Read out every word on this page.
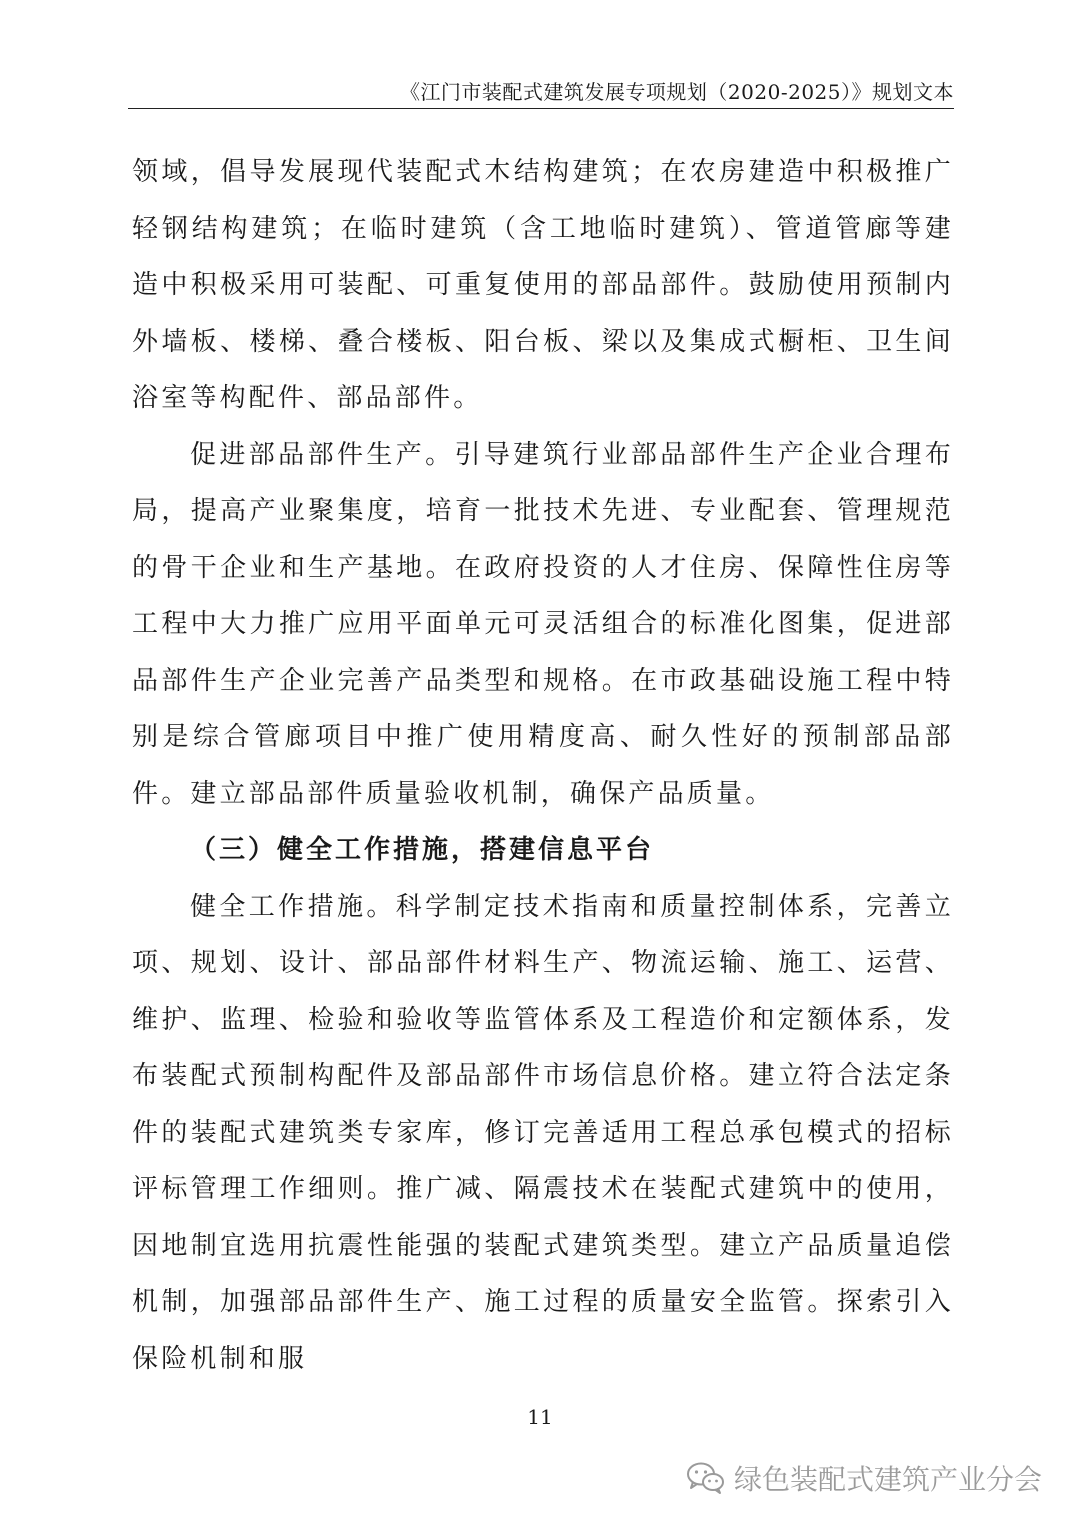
《江门市装配式建筑发展专项规划（2020-2025）》规划文本

领域，倡导发展现代装配式木结构建筑；在农房建造中积极推广轻钢结构建筑；在临时建筑（含工地临时建筑）、管道管廊等建造中积极采用可装配、可重复使用的部品部件。鼓励使用预制内外墙板、楼梯、叠合楼板、阳台板、梁以及集成式橱柜、卫生间浴室等构配件、部品部件。

促进部品部件生产。引导建筑行业部品部件生产企业合理布局，提高产业聚集度，培育一批技术先进、专业配套、管理规范的骨干企业和生产基地。在政府投资的人才住房、保障性住房等工程中大力推广应用平面单元可灵活组合的标准化图集，促进部品部件生产企业完善产品类型和规格。在市政基础设施工程中特别是综合管廊项目中推广使用精度高、耐久性好的预制部品部件。建立部品部件质量验收机制，确保产品质量。

（三）健全工作措施，搭建信息平台

健全工作措施。科学制定技术指南和质量控制体系，完善立项、规划、设计、部品部件材料生产、物流运输、施工、运营、维护、监理、检验和验收等监管体系及工程造价和定额体系，发布装配式预制构配件及部品部件市场信息价格。建立符合法定条件的装配式建筑类专家库，修订完善适用工程总承包模式的招标评标管理工作细则。推广减、隔震技术在装配式建筑中的使用，因地制宜选用抗震性能强的装配式建筑类型。建立产品质量追偿机制，加强部品部件生产、施工过程的质量安全监管。探索引入保险机制和服

11
绿色装配式建筑产业分会
